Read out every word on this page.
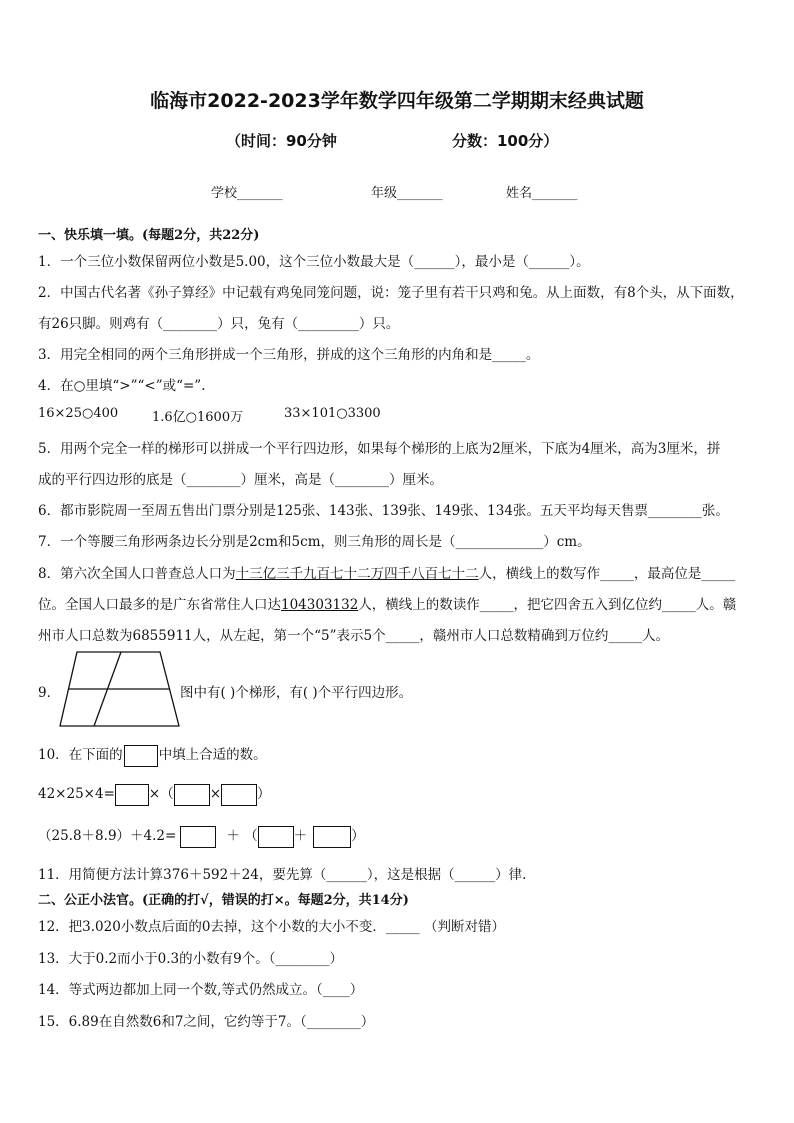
临海市2022-2023学年数学四年级第二学期期末经典试题
（时间：90分钟	分数：100分）
学校_______	年级_______	姓名_______
一、快乐填一填。(每题2分，共22分)
1．一个三位小数保留两位小数是5.00，这个三位小数最大是（______），最小是（______）。
2．中国古代名著《孙子算经》中记载有鸡兔同笼问题，说：笼子里有若干只鸡和兔。从上面数，有8个头，从下面数，
有26只脚。则鸡有（________）只，兔有（_________）只。
3．用完全相同的两个三角形拼成一个三角形，拼成的这个三角形的内角和是_____。
4．在○里填“>”“<”或“=”.
16×25○400	1.6亿○1600万	33×101○3300
5．用两个完全一样的梯形可以拼成一个平行四边形，如果每个梯形的上底为2厘米，下底为4厘米，高为3厘米，拼
成的平行四边形的底是（________）厘米，高是（________）厘米。
6．都市影院周一至周五售出门票分别是125张、143张、139张、149张、134张。五天平均每天售票________张。
7．一个等腰三角形两条边长分别是2cm和5cm，则三角形的周长是（_____________）cm。
8．第六次全国人口普查总人口为十三亿三千九百七十二万四千八百七十二人，横线上的数写作_____，最高位是_____
位。全国人口最多的是广东省常住人口达104303132人，横线上的数读作_____，把它四舍五入到亿位约_____人。赣
州市人口总数为6855911人，从左起，第一个“5”表示5个_____，赣州市人口总数精确到万位约_____人。
9．	图中有( )个梯形，有( )个平行四边形。
10．在下面的	中填上合适的数。
42×25×4=	×（	×	）
（25.8＋8.9）＋4.2=	＋ （	＋	）
11．用简便方法计算376＋592＋24，要先算（______），这是根据（______）律.
二、公正小法官。(正确的打√，错误的打×。每题2分，共14分)
12．把3.020小数点后面的0去掉，这个小数的大小不变．_____ （判断对错）
13．大于0.2而小于0.3的小数有9个。（________）
14．等式两边都加上同一个数,等式仍然成立。（____）
15．6.89在自然数6和7之间，它约等于7。（________）
